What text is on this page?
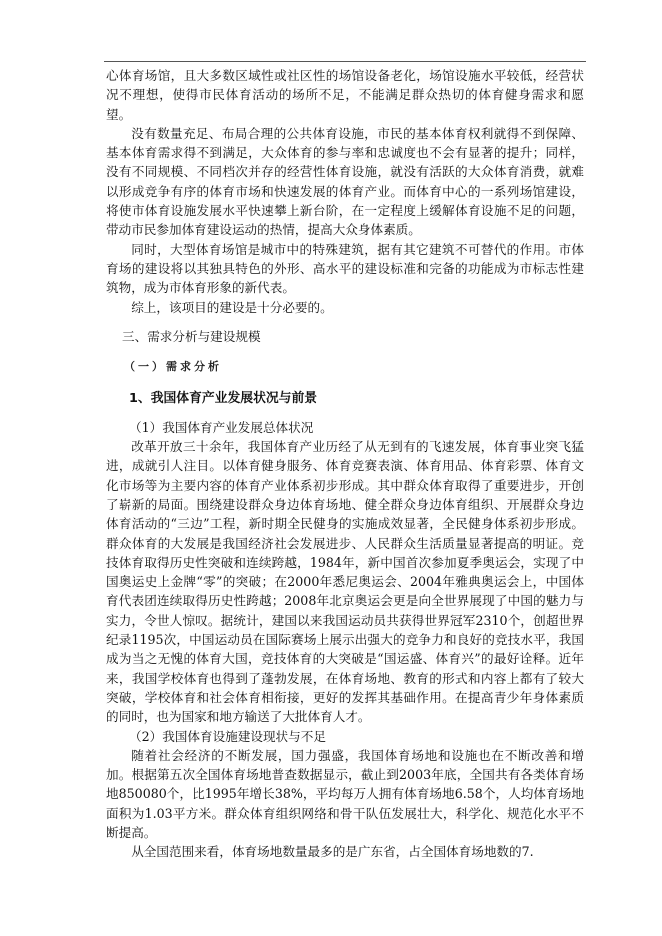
心体育场馆，且大多数区域性或社区性的场馆设备老化，场馆设施水平较低，经营状况不理想，使得市民体育活动的场所不足，不能满足群众热切的体育健身需求和愿望。

没有数量充足、布局合理的公共体育设施，市民的基本体育权利就得不到保障、基本体育需求得不到满足，大众体育的参与率和忠诚度也不会有显著的提升；同样，没有不同规模、不同档次并存的经营性体育设施，就没有活跃的大众体育消费，就难以形成竞争有序的体育市场和快速发展的体育产业。而体育中心的一系列场馆建设，将使市体育设施发展水平快速攀上新台阶，在一定程度上缓解体育设施不足的问题，带动市民参加体育建设运动的热情，提高大众身体素质。

同时，大型体育场馆是城市中的特殊建筑，据有其它建筑不可替代的作用。市体育场的建设将以其独具特色的外形、高水平的建设标准和完备的功能成为市标志性建筑物，成为市体育形象的新代表。

综上，该项目的建设是十分必要的。

三、需求分析与建设规模

（一）需求分析

1、我国体育产业发展状况与前景

（1）我国体育产业发展总体状况

改革开放三十余年，我国体育产业历经了从无到有的飞速发展，体育事业突飞猛进，成就引人注目。以体育健身服务、体育竞赛表演、体育用品、体育彩票、体育文化市场等为主要内容的体育产业体系初步形成。其中群众体育取得了重要进步，开创了崭新的局面。围绕建设群众身边体育场地、健全群众身边体育组织、开展群众身边体育活动的“三边”工程，新时期全民健身的实施成效显著，全民健身体系初步形成。群众体育的大发展是我国经济社会发展进步、人民群众生活质量显著提高的明证。竞技体育取得历史性突破和连续跨越，1984年，新中国首次参加夏季奥运会，实现了中国奥运史上金牌“零”的突破；在2000年悉尼奥运会、2004年雅典奥运会上，中国体育代表团连续取得历史性跨越；2008年北京奥运会更是向全世界展现了中国的魅力与实力，令世人惊叹。据统计，建国以来我国运动员共获得世界冠军2310个，创超世界纪录1195次，中国运动员在国际赛场上展示出强大的竞争力和良好的竞技水平，我国成为当之无愧的体育大国，竞技体育的大突破是“国运盛、体育兴”的最好诠释。近年来，我国学校体育也得到了蓬勃发展，在体育场地、教育的形式和内容上都有了较大突破，学校体育和社会体育相衔接，更好的发挥其基础作用。在提高青少年身体素质的同时，也为国家和地方输送了大批体育人才。

（2）我国体育设施建设现状与不足

随着社会经济的不断发展，国力强盛，我国体育场地和设施也在不断改善和增加。根据第五次全国体育场地普查数据显示，截止到2003年底，全国共有各类体育场地850080个，比1995年增长38%，平均每万人拥有体育场地6.58个，人均体育场地面积为1.03平方米。群众体育组织网络和骨干队伍发展壮大，科学化、规范化水平不断提高。

从全国范围来看，体育场地数量最多的是广东省，占全国体育场地数的7.
